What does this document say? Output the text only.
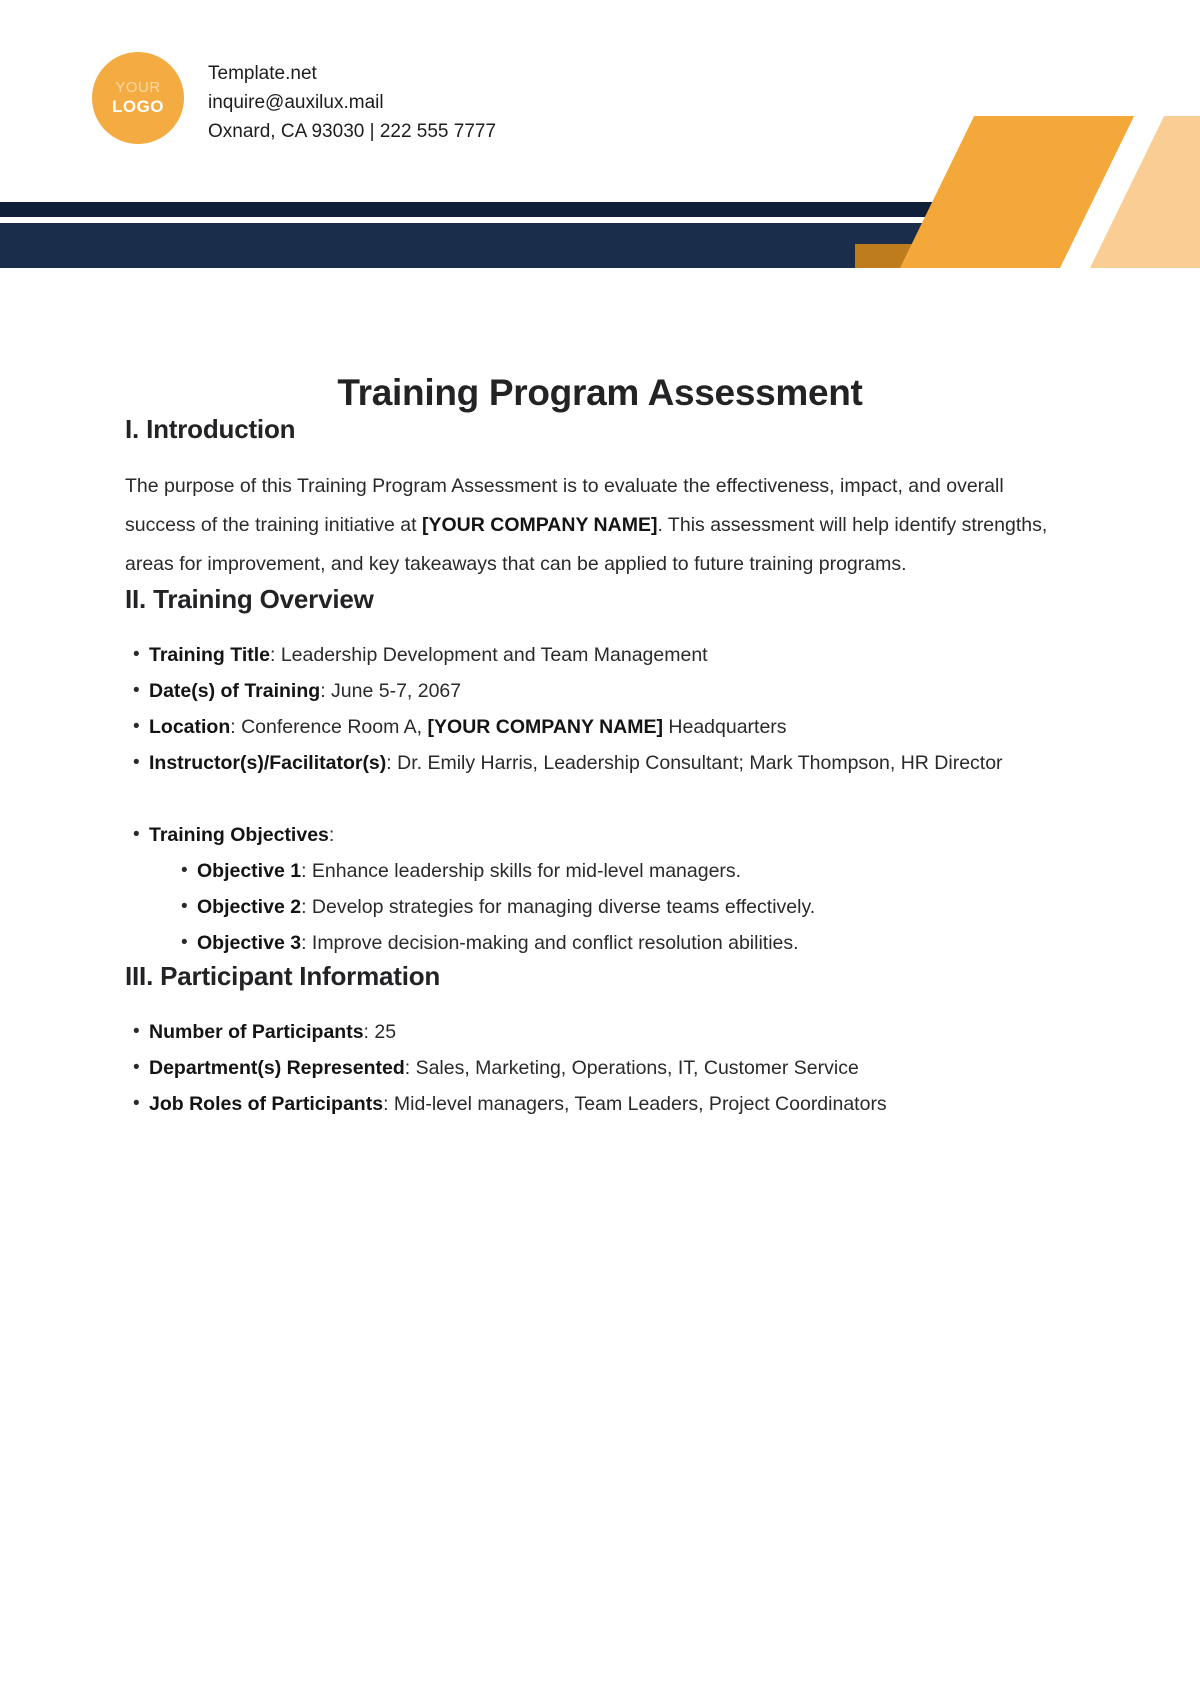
YOUR
LOGO
Template.net
inquire@auxilux.mail
Oxnard, CA 93030 | 222 555 7777
Training Program Assessment
I. Introduction

The purpose of this Training Program Assessment is to evaluate the effectiveness, impact, and overall success of the training initiative at [YOUR COMPANY NAME]. This assessment will help identify strengths, areas for improvement, and key takeaways that can be applied to future training programs.

II. Training Overview
• Training Title: Leadership Development and Team Management
• Date(s) of Training: June 5-7, 2067
• Location: Conference Room A, [YOUR COMPANY NAME] Headquarters
• Instructor(s)/Facilitator(s): Dr. Emily Harris, Leadership Consultant; Mark Thompson, HR Director
• Training Objectives:
• Objective 1: Enhance leadership skills for mid-level managers.
• Objective 2: Develop strategies for managing diverse teams effectively.
• Objective 3: Improve decision-making and conflict resolution abilities.
III. Participant Information
• Number of Participants: 25
• Department(s) Represented: Sales, Marketing, Operations, IT, Customer Service
• Job Roles of Participants: Mid-level managers, Team Leaders, Project Coordinators
